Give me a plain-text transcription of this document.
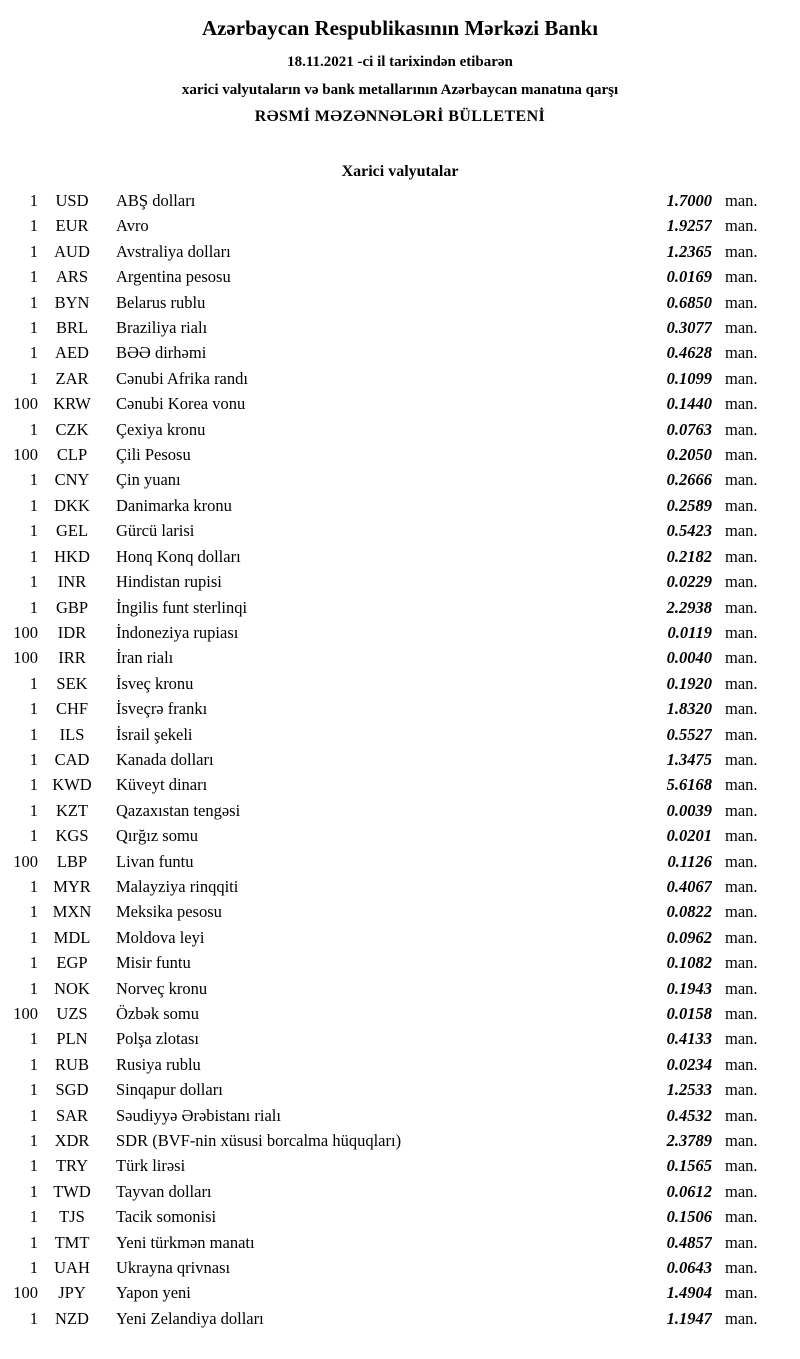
Azərbaycan Respublikasının Mərkəzi Bankı
18.11.2021 -ci il tarixindən etibarən
xarici valyutaların və bank metallarının Azərbaycan manatına qarşı
RƏSMİ MƏZƏNNƏLƏRİ BÜLLETENİ
Xarici valyutalar
1	USD	ABŞ dolları	1.7000	man.
1	EUR	Avro	1.9257	man.
1	AUD	Avstraliya dolları	1.2365	man.
1	ARS	Argentina pesosu	0.0169	man.
1	BYN	Belarus rublu	0.6850	man.
1	BRL	Braziliya rialı	0.3077	man.
1	AED	BƏƏ dirhəmi	0.4628	man.
1	ZAR	Cənubi Afrika randı	0.1099	man.
100	KRW	Cənubi Korea vonu	0.1440	man.
1	CZK	Çexiya kronu	0.0763	man.
100	CLP	Çili Pesosu	0.2050	man.
1	CNY	Çin yuanı	0.2666	man.
1	DKK	Danimarka kronu	0.2589	man.
1	GEL	Gürcü larisi	0.5423	man.
1	HKD	Honq Konq dolları	0.2182	man.
1	INR	Hindistan rupisi	0.0229	man.
1	GBP	İngilis funt sterlinqi	2.2938	man.
100	IDR	İndoneziya rupiası	0.0119	man.
100	IRR	İran rialı	0.0040	man.
1	SEK	İsveç kronu	0.1920	man.
1	CHF	İsveçrə frankı	1.8320	man.
1	ILS	İsrail şekeli	0.5527	man.
1	CAD	Kanada dolları	1.3475	man.
1	KWD	Küveyt dinarı	5.6168	man.
1	KZT	Qazaxıstan tengəsi	0.0039	man.
1	KGS	Qırğız somu	0.0201	man.
100	LBP	Livan funtu	0.1126	man.
1	MYR	Malayziya rinqqiti	0.4067	man.
1	MXN	Meksika pesosu	0.0822	man.
1	MDL	Moldova leyi	0.0962	man.
1	EGP	Misir funtu	0.1082	man.
1	NOK	Norveç kronu	0.1943	man.
100	UZS	Özbək somu	0.0158	man.
1	PLN	Polşa zlotası	0.4133	man.
1	RUB	Rusiya rublu	0.0234	man.
1	SGD	Sinqapur dolları	1.2533	man.
1	SAR	Səudiyyə Ərəbistanı rialı	0.4532	man.
1	XDR	SDR (BVF-nin xüsusi borcalma hüquqları)	2.3789	man.
1	TRY	Türk lirəsi	0.1565	man.
1	TWD	Tayvan dolları	0.0612	man.
1	TJS	Tacik somonisi	0.1506	man.
1	TMT	Yeni türkmən manatı	0.4857	man.
1	UAH	Ukrayna qrivnası	0.0643	man.
100	JPY	Yapon yeni	1.4904	man.
1	NZD	Yeni Zelandiya dolları	1.1947	man.
